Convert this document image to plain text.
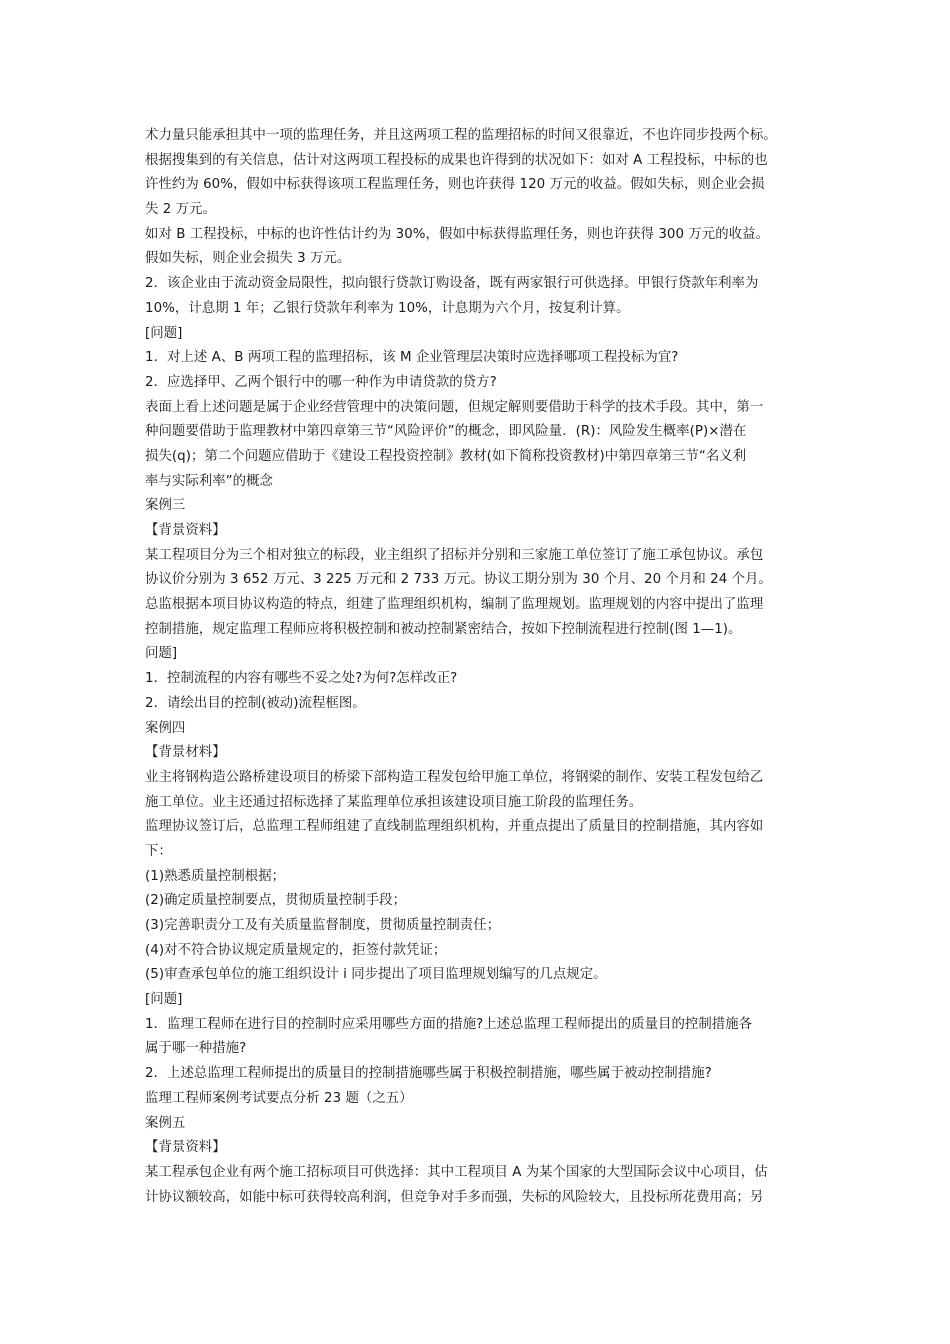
术力量只能承担其中一项的监理任务，并且这两项工程的监理招标的时间又很靠近，不也许同步投两个标。
根据搜集到的有关信息，估计对这两项工程投标的成果也许得到的状况如下：如对 A 工程投标，中标的也
许性约为 60%，假如中标获得该项工程监理任务，则也许获得 120 万元的收益。假如失标，则企业会损
失 2 万元。
如对 B 工程投标，中标的也许性估计约为 30%，假如中标获得监理任务，则也许获得 300 万元的收益。
假如失标，则企业会损失 3 万元。
2．该企业由于流动资金局限性，拟向银行贷款订购设备，既有两家银行可供选择。甲银行贷款年利率为
10%，计息期 1 年；乙银行贷款年利率为 10%，计息期为六个月，按复利计算。
[问题]
1．对上述 A、B 两项工程的监理招标，该 M 企业管理层决策时应选择哪项工程投标为宜?
2．应选择甲、乙两个银行中的哪一种作为申请贷款的贷方?
表面上看上述问题是属于企业经营管理中的决策问题，但规定解则要借助于科学的技术手段。其中，第一
种问题要借助于监理教材中第四章第三节“风险评价”的概念，即风险量．(R)：风险发生概率(P)×潜在
损失(q)；第二个问题应借助于《建设工程投资控制》教材(如下简称投资教材)中第四章第三节“名义利
率与实际利率”的概念
案例三
【背景资料】
某工程项目分为三个相对独立的标段，业主组织了招标并分别和三家施工单位签订了施工承包协议。承包
协议价分别为 3 652 万元、3 225 万元和 2 733 万元。协议工期分别为 30 个月、20 个月和 24 个月。
总监根据本项目协议构造的特点，组建了监理组织机构，编制了监理规划。监理规划的内容中提出了监理
控制措施，规定监理工程师应将积极控制和被动控制紧密结合，按如下控制流程进行控制(图 1—1)。
问题]
1．控制流程的内容有哪些不妥之处?为何?怎样改正?
2．请绘出目的控制(被动)流程框图。
案例四
【背景材料】
业主将钢构造公路桥建设项目的桥梁下部构造工程发包给甲施工单位，将钢梁的制作、安装工程发包给乙
施工单位。业主还通过招标选择了某监理单位承担该建设项目施工阶段的监理任务。
监理协议签订后，总监理工程师组建了直线制监理组织机构，并重点提出了质量目的控制措施，其内容如
下：
(1)熟悉质量控制根据；
(2)确定质量控制要点，贯彻质量控制手段；
(3)完善职责分工及有关质量监督制度，贯彻质量控制责任；
(4)对不符合协议规定质量规定的，拒签付款凭证；
(5)审查承包单位的施工组织设计 i 同步提出了项目监理规划编写的几点规定。
[问题]
1．监理工程师在进行目的控制时应采用哪些方面的措施?上述总监理工程师提出的质量目的控制措施各
属于哪一种措施?
2．上述总监理工程师提出的质量目的控制措施哪些属于积极控制措施，哪些属于被动控制措施?
监理工程师案例考试要点分析 23 题（之五）
案例五
【背景资料】
某工程承包企业有两个施工招标项目可供选择：其中工程项目 A 为某个国家的大型国际会议中心项目，估
计协议额较高，如能中标可获得较高利润，但竞争对手多而强，失标的风险较大，且投标所花费用高；另
